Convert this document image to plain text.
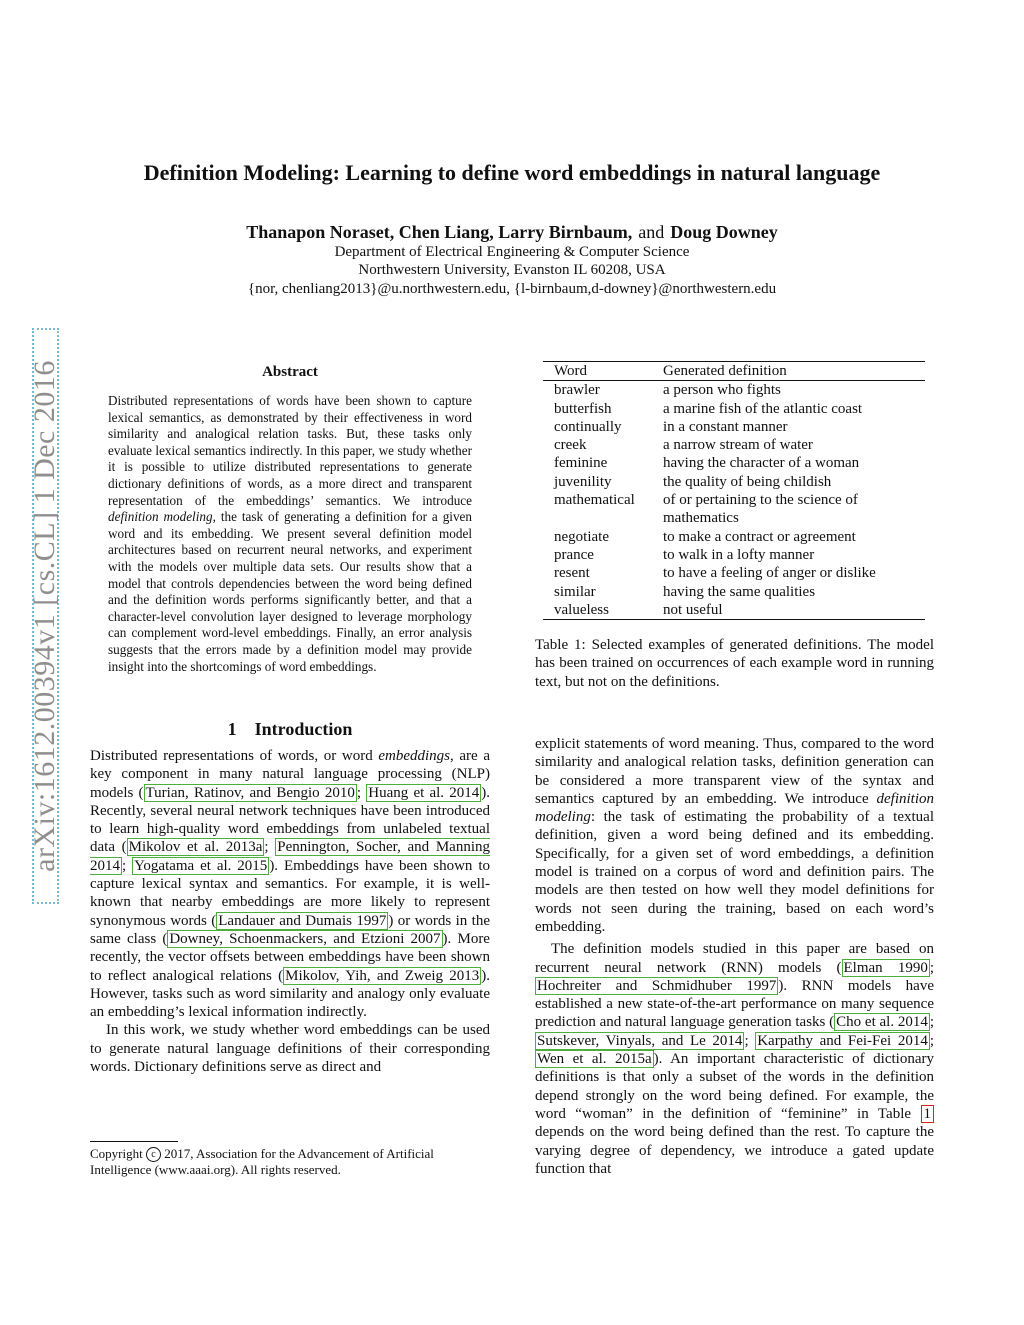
arXiv:1612.00394v1 [cs.CL] 1 Dec 2016
Definition Modeling: Learning to define word embeddings in natural language
Thanapon Noraset, Chen Liang, Larry Birnbaum, and Doug Downey
Department of Electrical Engineering & Computer Science
Northwestern University, Evanston IL 60208, USA
{nor, chenliang2013}@u.northwestern.edu, {l-birnbaum,d-downey}@northwestern.edu
Abstract
Distributed representations of words have been shown to capture lexical semantics, as demonstrated by their effectiveness in word similarity and analogical relation tasks. But, these tasks only evaluate lexical semantics indirectly. In this paper, we study whether it is possible to utilize distributed representations to generate dictionary definitions of words, as a more direct and transparent representation of the embeddings’ semantics. We introduce definition modeling, the task of generating a definition for a given word and its embedding. We present several definition model architectures based on recurrent neural networks, and experiment with the models over multiple data sets. Our results show that a model that controls dependencies between the word being defined and the definition words performs significantly better, and that a character-level convolution layer designed to leverage morphology can complement word-level embeddings. Finally, an error analysis suggests that the errors made by a definition model may provide insight into the shortcomings of word embeddings.
1 Introduction

Distributed representations of words, or word embeddings, are a key component in many natural language processing (NLP) models ( Turian, Ratinov, and Bengio 2010 ; Huang et al. 2014 ). Recently, several neural network techniques have been introduced to learn high-quality word embeddings from unlabeled textual data ( Mikolov et al. 2013a ; Pennington, Socher, and Manning 2014 ; Yogatama et al. 2015 ). Embeddings have been shown to capture lexical syntax and semantics. For example, it is well-known that nearby embeddings are more likely to represent synonymous words ( Landauer and Dumais 1997 ) or words in the same class ( Downey, Schoenmackers, and Etzioni 2007 ). More recently, the vector offsets between embeddings have been shown to reflect analogical relations ( Mikolov, Yih, and Zweig 2013 ). However, tasks such as word similarity and analogy only evaluate an embedding’s lexical information indirectly.

In this work, we study whether word embeddings can be used to generate natural language definitions of their corresponding words. Dictionary definitions serve as direct and

Copyright c 2017, Association for the Advancement of Artificial Intelligence (www.aaai.org). All rights reserved.
Word	Generated definition
brawler	a person who fights
butterfish	a marine fish of the atlantic coast
continually	in a constant manner
creek	a narrow stream of water
feminine	having the character of a woman
juvenility	the quality of being childish
mathematical	of or pertaining to the science of mathematics
negotiate	to make a contract or agreement
prance	to walk in a lofty manner
resent	to have a feeling of anger or dislike
similar	having the same qualities
valueless	not useful
Table 1: Selected examples of generated definitions. The model has been trained on occurrences of each example word in running text, but not on the definitions.

explicit statements of word meaning. Thus, compared to the word similarity and analogical relation tasks, definition generation can be considered a more transparent view of the syntax and semantics captured by an embedding. We introduce definition modeling: the task of estimating the probability of a textual definition, given a word being defined and its embedding. Specifically, for a given set of word embeddings, a definition model is trained on a corpus of word and definition pairs. The models are then tested on how well they model definitions for words not seen during the training, based on each word’s embedding.

The definition models studied in this paper are based on recurrent neural network (RNN) models ( Elman 1990 ; Hochreiter and Schmidhuber 1997 ). RNN models have established a new state-of-the-art performance on many sequence prediction and natural language generation tasks ( Cho et al. 2014 ; Sutskever, Vinyals, and Le 2014 ; Karpathy and Fei-Fei 2014 ; Wen et al. 2015a ). An important characteristic of dictionary definitions is that only a subset of the words in the definition depend strongly on the word being defined. For example, the word “woman” in the definition of “feminine” in Table 1 depends on the word being defined than the rest. To capture the varying degree of dependency, we introduce a gated update function that
